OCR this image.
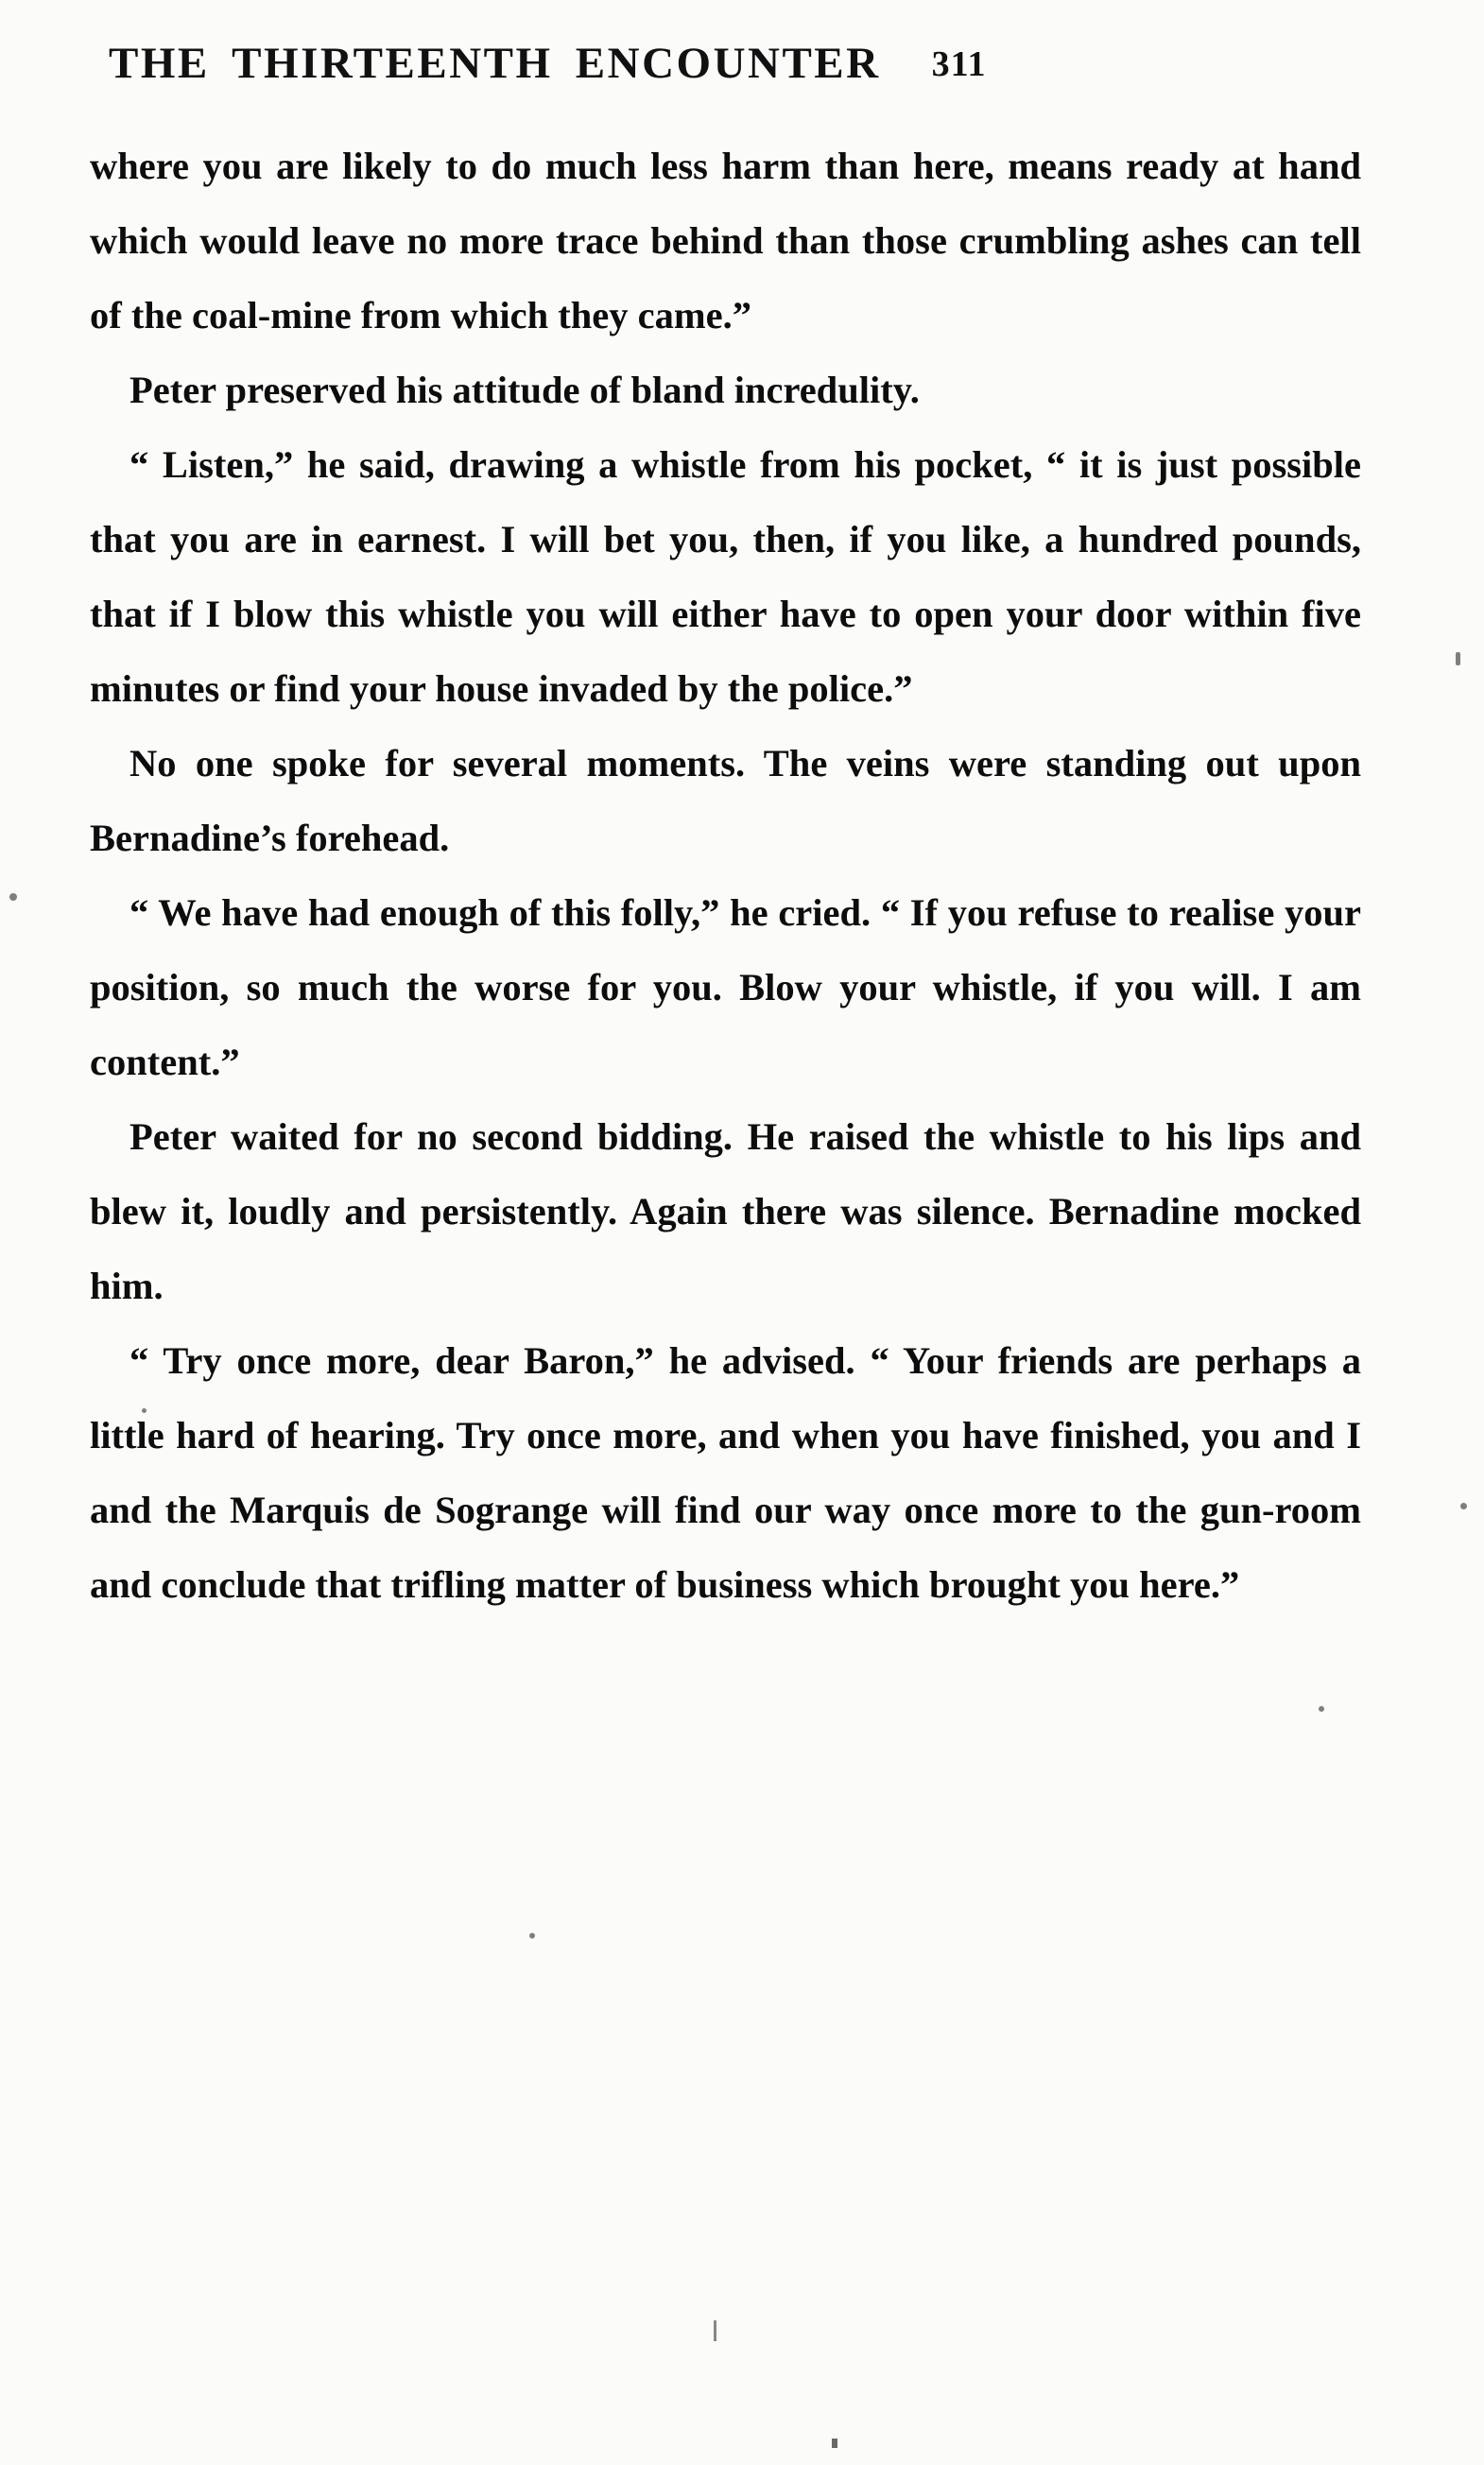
THE THIRTEENTH ENCOUNTER 311

where you are likely to do much less harm than here, means ready at hand which would leave no more trace behind than those crumbling ashes can tell of the coal-mine from which they came.”

Peter preserved his attitude of bland incredulity.

“ Listen,” he said, drawing a whistle from his pocket, “ it is just possible that you are in earnest. I will bet you, then, if you like, a hundred pounds, that if I blow this whistle you will either have to open your door within five minutes or find your house invaded by the police.”

No one spoke for several moments. The veins were standing out upon Bernadine’s forehead.

“ We have had enough of this folly,” he cried. “ If you refuse to realise your position, so much the worse for you. Blow your whistle, if you will. I am content.”

Peter waited for no second bidding. He raised the whistle to his lips and blew it, loudly and persistently. Again there was silence. Bernadine mocked him.

“ Try once more, dear Baron,” he advised. “ Your friends are perhaps a little hard of hearing. Try once more, and when you have finished, you and I and the Marquis de Sogrange will find our way once more to the gun-room and conclude that trifling matter of business which brought you here.”
